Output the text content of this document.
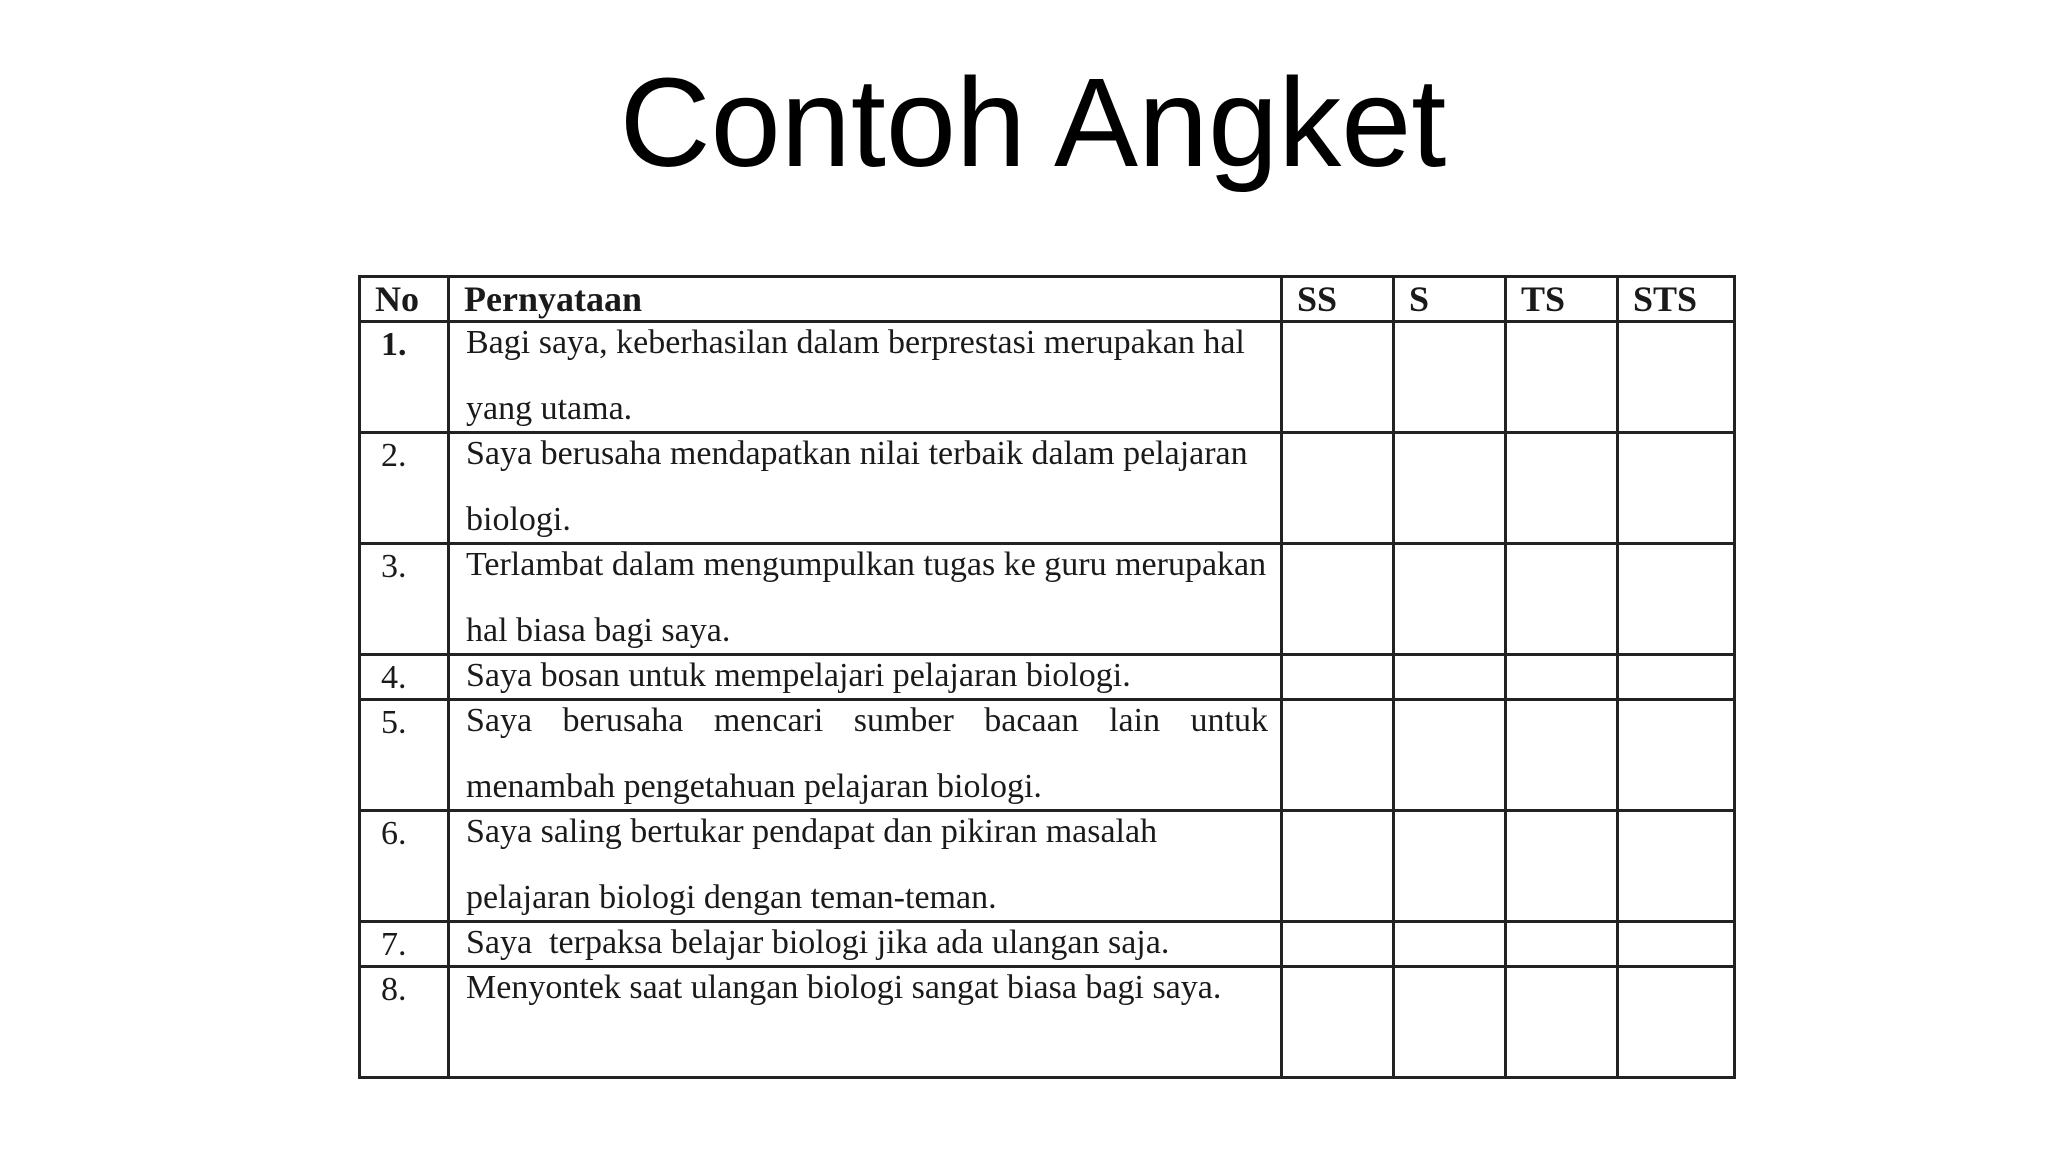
Contoh Angket
No	Pernyataan	SS	S	TS	STS
1.	Bagi saya, keberhasilan dalam berprestasi merupakan hal yang utama.				

2.	Saya berusaha mendapatkan nilai terbaik dalam pelajaran biologi.				

3.	Terlambat dalam mengumpulkan tugas ke guru merupakan hal biasa bagi saya.				

4.	Saya bosan untuk mempelajari pelajaran biologi.				

5.	Saya berusaha mencari sumber bacaan lain untuk menambah pengetahuan pelajaran biologi.				

6.	Saya saling bertukar pendapat dan pikiran masalah pelajaran biologi dengan teman-teman.				

7.	Saya  terpaksa belajar biologi jika ada ulangan saja.				

8.	Menyontek saat ulangan biologi sangat biasa bagi saya.				
